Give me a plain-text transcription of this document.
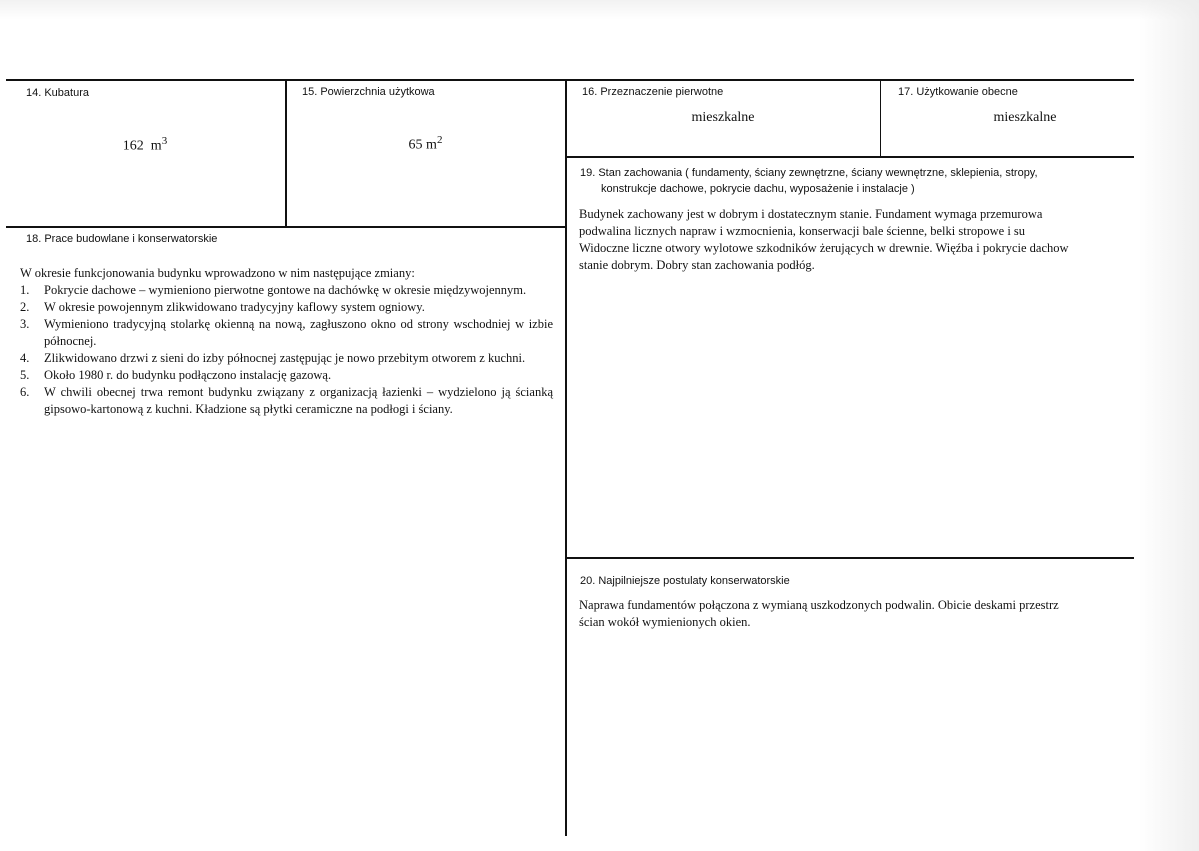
14. Kubatura
162 $m^3$
15. Powierzchnia użytkowa
65 $m^2$
16. Przeznaczenie pierwotne
mieszkalne
17. Użytkowanie obecne
mieszkalne
18. Prace budowlane i konserwatorskie
W okresie funkcjonowania budynku wprowadzono w nim następujące zmiany:
1. Pokrycie dachowe – wymieniono pierwotne gontowe na dachówkę w okresie międzywojennym.
2. W okresie powojennym zlikwidowano tradycyjny kaflowy system ogniowy.
3. Wymieniono tradycyjną stolarkę okienną na nową, zagłuszono okno od strony wschodniej w izbie północnej.
4. Zlikwidowano drzwi z sieni do izby północnej zastępując je nowo przebitym otworem z kuchni.
5. Około 1980 r. do budynku podłączono instalację gazową.
6. W chwili obecnej trwa remont budynku związany z organizacją łazienki – wydzielono ją ścianką gipsowo-kartonową z kuchni. Kładzione są płytki ceramiczne na podłogi i ściany.
19. Stan zachowania ( fundamenty, ściany zewnętrzne, ściany wewnętrzne, sklepienia, stropy,
konstrukcje dachowe, pokrycie dachu, wyposażenie i instalacje )
Budynek zachowany jest w dobrym i dostatecznym stanie. Fundament wymaga przemurowa
podwalina licznych napraw i wzmocnienia, konserwacji bale ścienne, belki stropowe i su
Widoczne liczne otwory wylotowe szkodników żerujących w drewnie. Więźba i pokrycie dachow
stanie dobrym. Dobry stan zachowania podłóg.
20. Najpilniejsze postulaty konserwatorskie
Naprawa fundamentów połączona z wymianą uszkodzonych podwalin. Obicie deskami przestrz
ścian wokół wymienionych okien.
